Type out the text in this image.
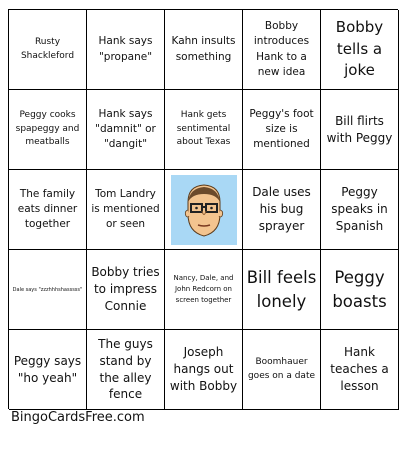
Rusty Shackleford
Hank says "propane"
Kahn insults something
Bobby introduces Hank to a new idea
Bobby tells a joke
Peggy cooks spapeggy and meatballs
Hank says "damnit" or "dangit"
Hank gets sentimental about Texas
Peggy's foot size is mentioned
Bill flirts with Peggy
The family eats dinner together
Tom Landry is mentioned or seen
Dale uses his bug sprayer
Peggy speaks in Spanish
Dale says "zzzhhhshasssss"
Bobby tries to impress Connie
Nancy, Dale, and John Redcorn on screen together
Bill feels lonely
Peggy boasts
Peggy says "ho yeah"
The guys stand by the alley fence
Joseph hangs out with Bobby
Boomhauer goes on a date
Hank teaches a lesson
BingoCardsFree.com
